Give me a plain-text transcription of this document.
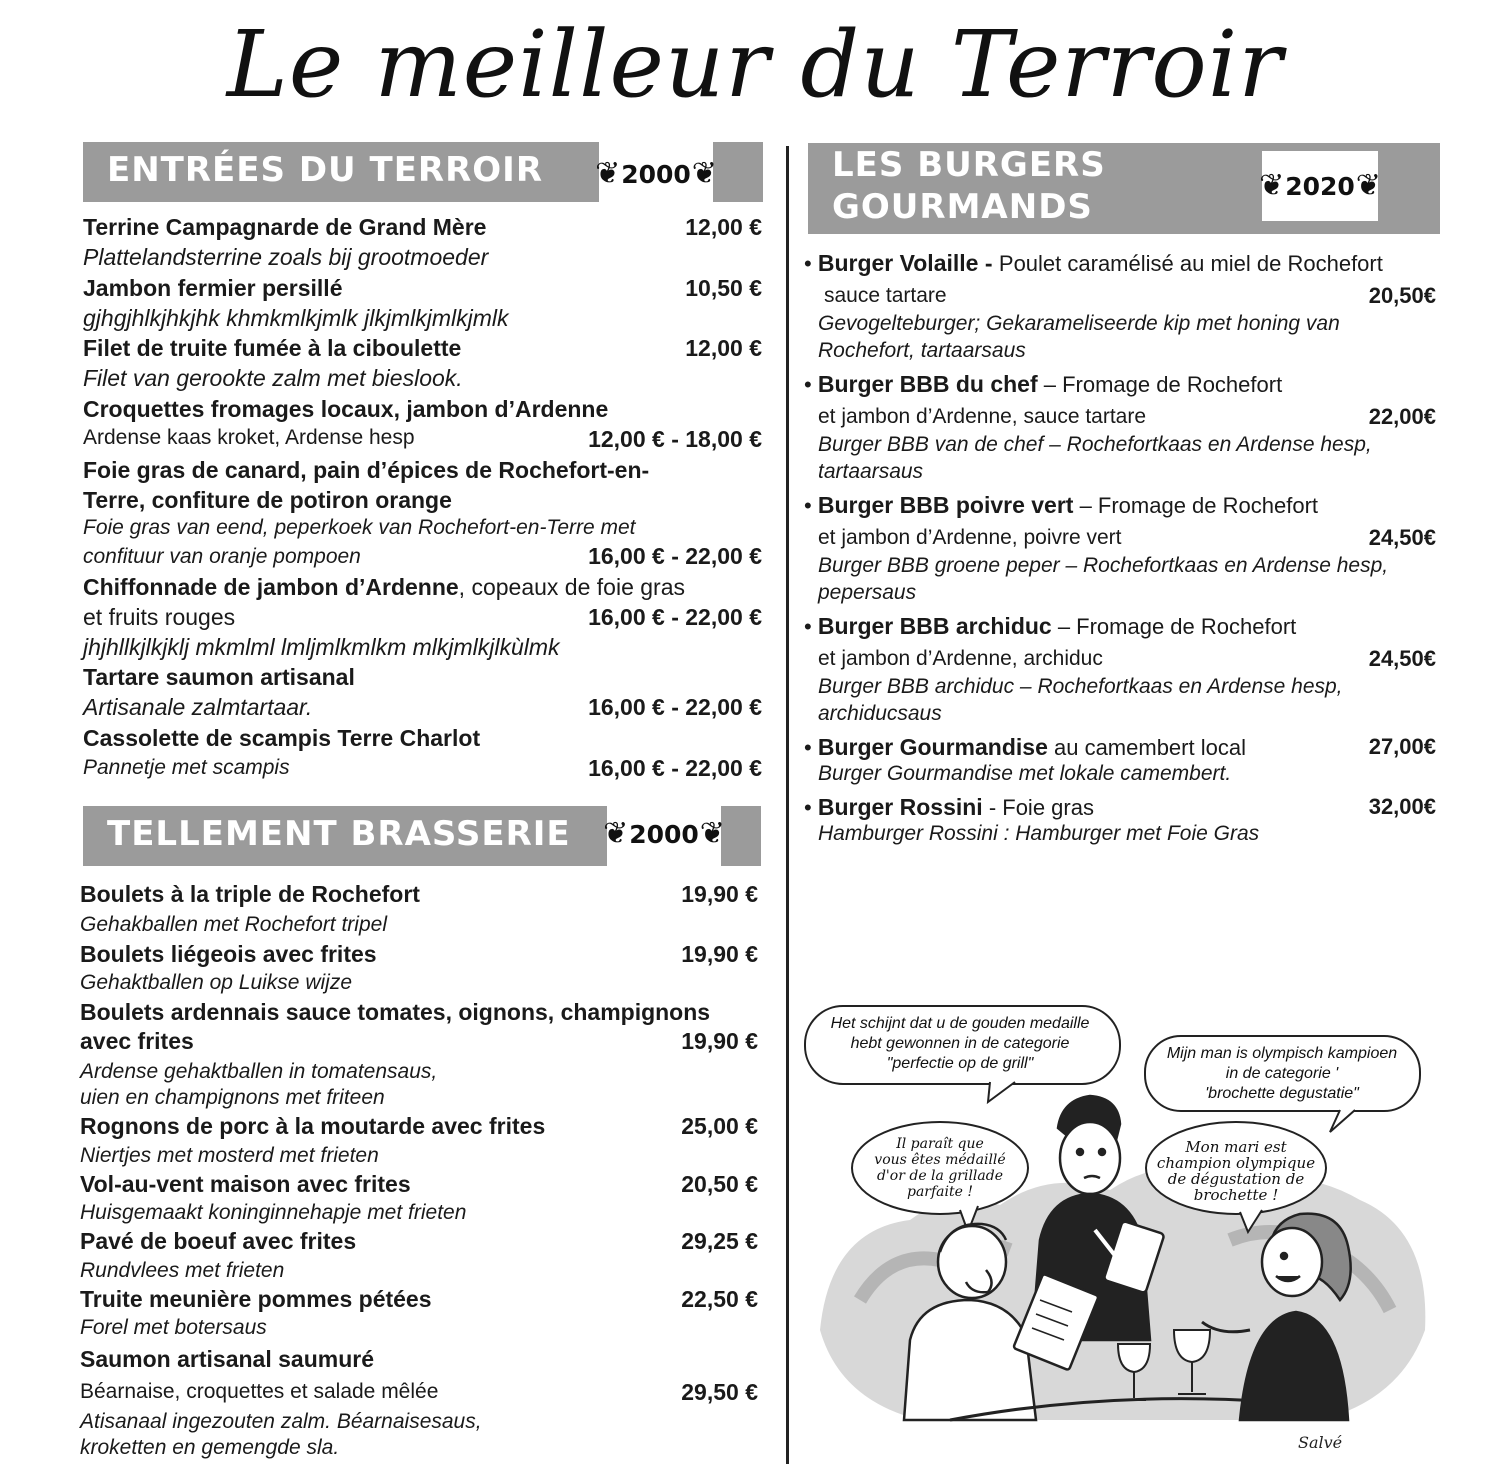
Le meilleur du Terroir
ENTRÉES DU TERROIR ❦ 2000 ❦
Terrine Campagnarde de Grand Mère	12,00 €
Plattelandsterrine zoals bij grootmoeder
Jambon fermier persillé	10,50 €
gjhgjhlkjhkjhk khmkmlkjmlk jlkjmlkjmlkjmlk
Filet de truite fumée à la ciboulette	12,00 €
Filet van gerookte zalm met bieslook.
Croquettes fromages locaux, jambon d’Ardenne
Ardense kaas kroket, Ardense hesp	12,00 € - 18,00 €
Foie gras de canard, pain d’épices de Rochefort-en-
Terre, confiture de potiron orange
Foie gras van eend, peperkoek van Rochefort-en-Terre met
confituur van oranje pompoen	16,00 € - 22,00 €
Chiffonnade de jambon d’Ardenne, copeaux de foie gras
et fruits rouges	16,00 € - 22,00 €
jhjhllkjlkjklj mkmlml lmljmlkmlkm mlkjmlkjlkùlmk
Tartare saumon artisanal
Artisanale zalmtartaar.	16,00 € - 22,00 €
Cassolette de scampis Terre Charlot
Pannetje met scampis	16,00 € - 22,00 €
TELLEMENT BRASSERIE ❦ 2000 ❦
Boulets à la triple de Rochefort	19,90 €
Gehakballen met Rochefort tripel
Boulets liégeois avec frites	19,90 €
Gehaktballen op Luikse wijze
Boulets ardennais sauce tomates, oignons, champignons
avec frites	19,90 €
Ardense gehaktballen in tomatensaus,
uien en champignons met friteen
Rognons de porc à la moutarde avec frites	25,00 €
Niertjes met mosterd met frieten
Vol-au-vent maison avec frites	20,50 €
Huisgemaakt koninginnehapje met frieten
Pavé de boeuf avec frites	29,25 €
Rundvlees met frieten
Truite meunière pommes pétées	22,50 €
Forel met botersaus
Saumon artisanal saumuré
Béarnaise, croquettes et salade mêlée	29,50 €
Atisanaal ingezouten zalm. Béarnaisesaus,
kroketten en gemengde sla.
LES BURGERS
GOURMANDS
❦ 2020 ❦
• Burger Volaille - Poulet caramélisé au miel de Rochefort
sauce tartare	20,50€
Gevogelteburger; Gekarameliseerde kip met honing van
Rochefort, tartaarsaus
• Burger BBB du chef – Fromage de Rochefort
et jambon d’Ardenne, sauce tartare	22,00€
Burger BBB van de chef – Rochefortkaas en Ardense hesp,
tartaarsaus
• Burger BBB poivre vert – Fromage de Rochefort
et jambon d’Ardenne, poivre vert	24,50€
Burger BBB groene peper – Rochefortkaas en Ardense hesp,
pepersaus
• Burger BBB archiduc – Fromage de Rochefort
et jambon d’Ardenne, archiduc	24,50€
Burger BBB archiduc – Rochefortkaas en Ardense hesp,
archiducsaus
• Burger Gourmandise au camembert local	27,00€
Burger Gourmandise met lokale camembert.
• Burger Rossini - Foie gras	32,00€
Hamburger Rossini : Hamburger met Foie Gras
Het schijnt dat u de gouden medaille
hebt gewonnen in de categorie
"perfectie op de grill"
Mijn man is olympisch kampioen
in de categorie '
'brochette degustatie"
Il paraît que
vous êtes médaillé
d'or de la grillade
parfaite !
Mon mari est
champion olympique
de dégustation de
brochette !
Salvé
